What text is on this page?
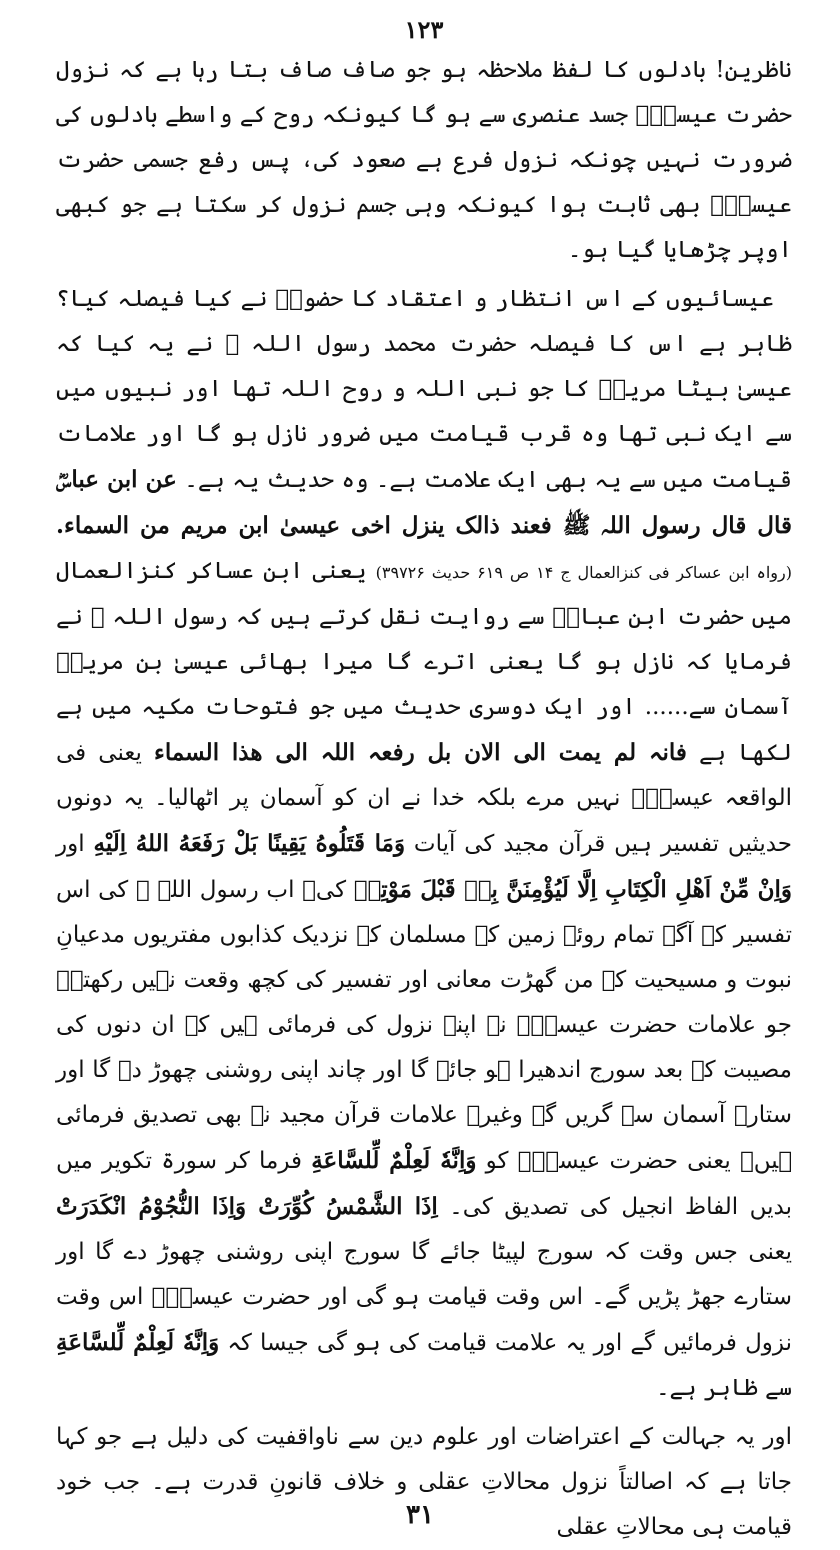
۱۲۳

ناظرین! بادلوں کا لفظ ملاحظہ ہو جو صاف صاف بتا رہا ہے کہ نزول حضرت عیسیٰؑ جسد عنصری سے ہو گا کیونکہ روح کے واسطے بادلوں کی ضرورت نہیں چونکہ نزول فرع ہے صعود کی، پس رفع جسمی حضرت عیسیٰؑ بھی ثابت ہوا کیونکہ وہی جسم نزول کر سکتا ہے جو کبھی اوپر چڑھایا گیا ہو۔

عیسائیوں کے اس انتظار و اعتقاد کا حضورؐ نے کیا فیصلہ کیا؟ ظاہر ہے اس کا فیصلہ حضرت محمد رسول اللہ ﷺ نے یہ کیا کہ عیسیٰ بیٹا مریمؑ کا جو نبی اللہ و روح اللہ تھا اور نبیوں میں سے ایک نبی تھا وہ قرب قیامت میں ضرور نازل ہو گا اور علامات قیامت میں سے یہ بھی ایک علامت ہے۔ وہ حدیث یہ ہے۔ عن ابن عباسؓ قال قال رسول اللہ ﷺ فعند ذالک ینزل اخی عیسیٰ ابن مریم من السماء. (رواہ ابن عساکر فی کنزالعمال ج ۱۴ ص ۶۱۹ حدیث ۳۹۷۲۶) یعنی ابن عساکر کنزالعمال میں حضرت ابن عباسؓ سے روایت نقل کرتے ہیں کہ رسول اللہ ﷺ نے فرمایا کہ نازل ہو گا یعنی اترے گا میرا بھائی عیسیٰ بن مریمؑ آسمان سے...... اور ایک دوسری حدیث میں جو فتوحات مکیہ میں ہے لکھا ہے فانہ لم یمت الی الان بل رفعہ اللہ الی ھذا السماء یعنی فی الواقعہ عیسیٰؑ نہیں مرے بلکہ خدا نے ان کو آسمان پر اٹھالیا۔ یہ دونوں حدیثیں تفسیر ہیں قرآن مجید کی آیات وَمَا قَتَلُوهُ يَقِينًا بَلْ رَفَعَهُ اللهُ اِلَيْهِ اور وَاِنْ مِّنْ اَهْلِ الْكِتَابِ اِلَّا لَيُؤْمِنَنَّ بِهٖ قَبْلَ مَوْتِهٖ کی۔ اب رسول اللہ ﷺ کی اس تفسیر کے آگے تمام روئے زمین کے مسلمان کے نزدیک کذابوں مفتریوں مدعیانِ نبوت و مسیحیت کے من گھڑت معانی اور تفسیر کی کچھ وقعت نہیں رکھتے۔ جو علامات حضرت عیسیٰؑ نے اپنے نزول کی فرمائی ہیں کہ ان دنوں کی مصیبت کے بعد سورج اندھیرا ہو جائے گا اور چاند اپنی روشنی چھوڑ دے گا اور ستارے آسمان سے گریں گے وغیرہ علامات قرآن مجید نے بھی تصدیق فرمائی ہیں۔ یعنی حضرت عیسیٰؑ کو وَاِنَّهٗ لَعِلْمٌ لِّلسَّاعَةِ فرما کر سورۃ تکویر میں بدیں الفاظ انجیل کی تصدیق کی۔ اِذَا الشَّمْسُ كُوِّرَتْ وَاِذَا النُّجُوْمُ انْكَدَرَتْ یعنی جس وقت کہ سورج لپیٹا جائے گا سورج اپنی روشنی چھوڑ دے گا اور ستارے جھڑ پڑیں گے۔ اس وقت قیامت ہو گی اور حضرت عیسیٰؑ اس وقت نزول فرمائیں گے اور یہ علامت قیامت کی ہو گی جیسا کہ وَاِنَّهٗ لَعِلْمٌ لِّلسَّاعَةِ سے ظاہر ہے۔

اور یہ جہالت کے اعتراضات اور علوم دین سے ناواقفیت کی دلیل ہے جو کہا جاتا ہے کہ اصالتاً نزول محالاتِ عقلی و خلاف قانونِ قدرت ہے۔ جب خود قیامت ہی محالاتِ عقلی

۳۱
